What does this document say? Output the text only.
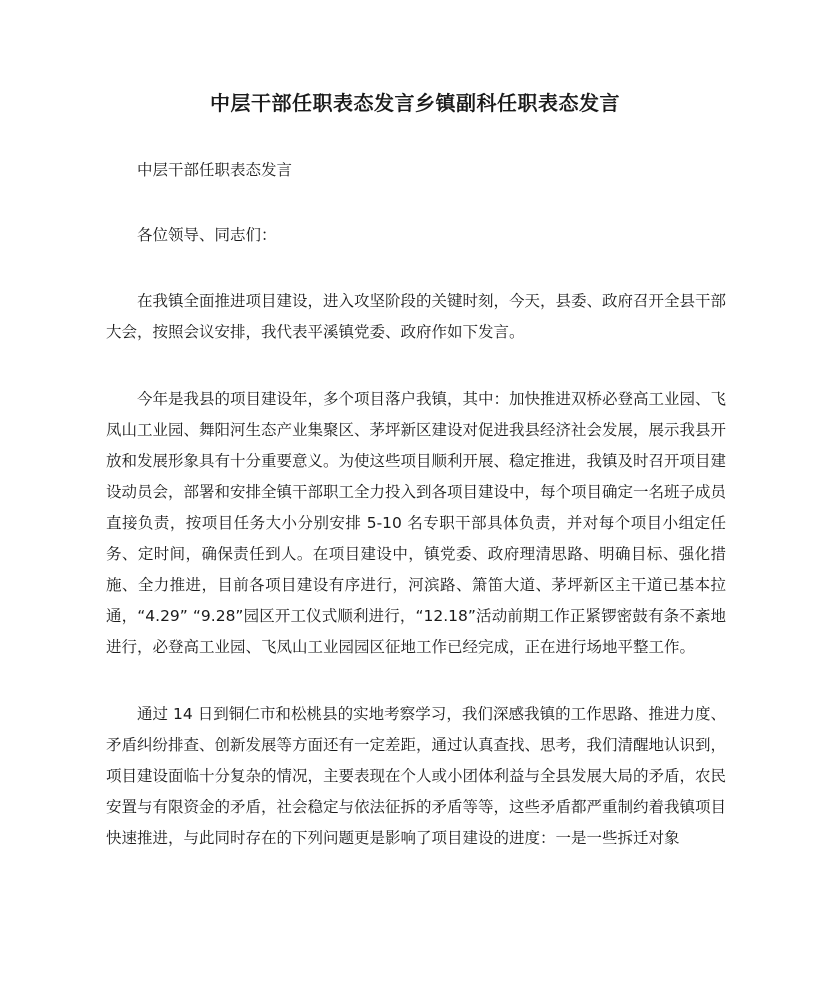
​
中层干部任职表态发言乡镇副科任职表态发言

中层干部任职表态发言

各位领导、同志们：

在我镇全面推进项目建设，进入攻坚阶段的关键时刻，今天，县委、政府召开全县干部大会，按照会议安排，我代表平溪镇党委、政府作如下发言。

今年是我县的项目建设年，多个项目落户我镇，其中：加快推进双桥必登高工业园、飞凤山工业园、舞阳河生态产业集聚区、茅坪新区建设对促进我县经济社会发展，展示我县开放和发展形象具有十分重要意义。为使这些项目顺利开展、稳定推进，我镇及时召开项目建设动员会，部署和安排全镇干部职工全力投入到各项目建设中，每个项目确定一名班子成员直接负责，按项目任务大小分别安排 5-10 名专职干部具体负责，并对每个项目小组定任务、定时间，确保责任到人。在项目建设中，镇党委、政府理清思路、明确目标、强化措施、全力推进，目前各项目建设有序进行，河滨路、箫笛大道、茅坪新区主干道已基本拉通，“4.29” “9.28”园区开工仪式顺利进行，“12.18”活动前期工作正紧锣密鼓有条不紊地进行，必登高工业园、飞凤山工业园园区征地工作已经完成，正在进行场地平整工作。

通过 14 日到铜仁市和松桃县的实地考察学习，我们深感我镇的工作思路、推进力度、矛盾纠纷排查、创新发展等方面还有一定差距，通过认真查找、思考，我们清醒地认识到，项目建设面临十分复杂的情况，主要表现在个人或小团体利益与全县发展大局的矛盾，农民安置与有限资金的矛盾，社会稳定与依法征拆的矛盾等等，这些矛盾都严重制约着我镇项目快速推进，与此同时存在的下列问题更是影响了项目建设的进度：一是一些拆迁对象
